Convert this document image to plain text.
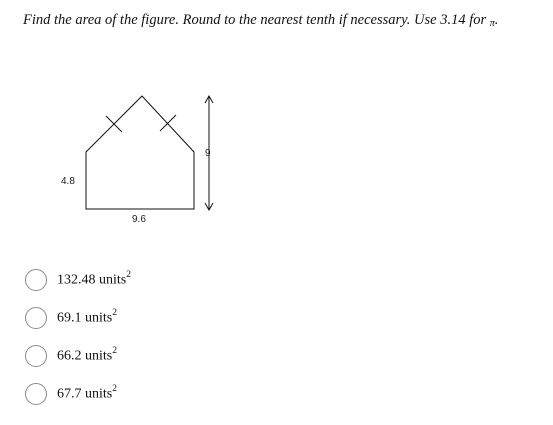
Find the area of the figure. Round to the nearest tenth if necessary. Use 3.14 for π.
4.8
9.6
9
132.48 units$^2$
69.1 units$^2$
66.2 units$^2$
67.7 units$^2$
